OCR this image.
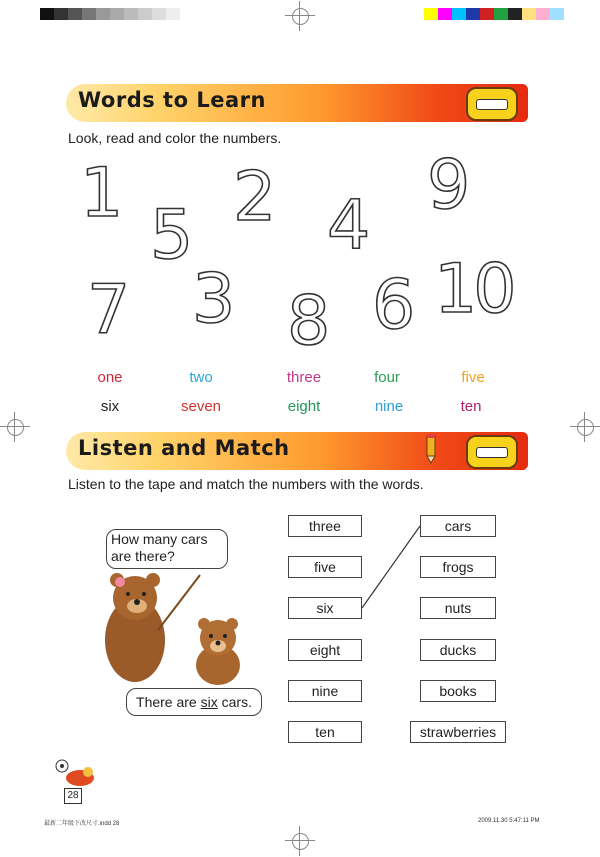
Words to Learn
Look, read and color the numbers.
1
5 2 4
9
7 3 8 6 10
one	two	three	four	five
six	seven	eight	nine	ten
Listen and Match
Listen to the tape and match the numbers with the words.
How many cars are there?
There are six cars.
three
five
six
eight
nine
ten
cars
frogs
nuts
ducks
books
strawberries
28
最新二年级下改尺寸.indd 28	2009.11.30 5:47:11 PM
